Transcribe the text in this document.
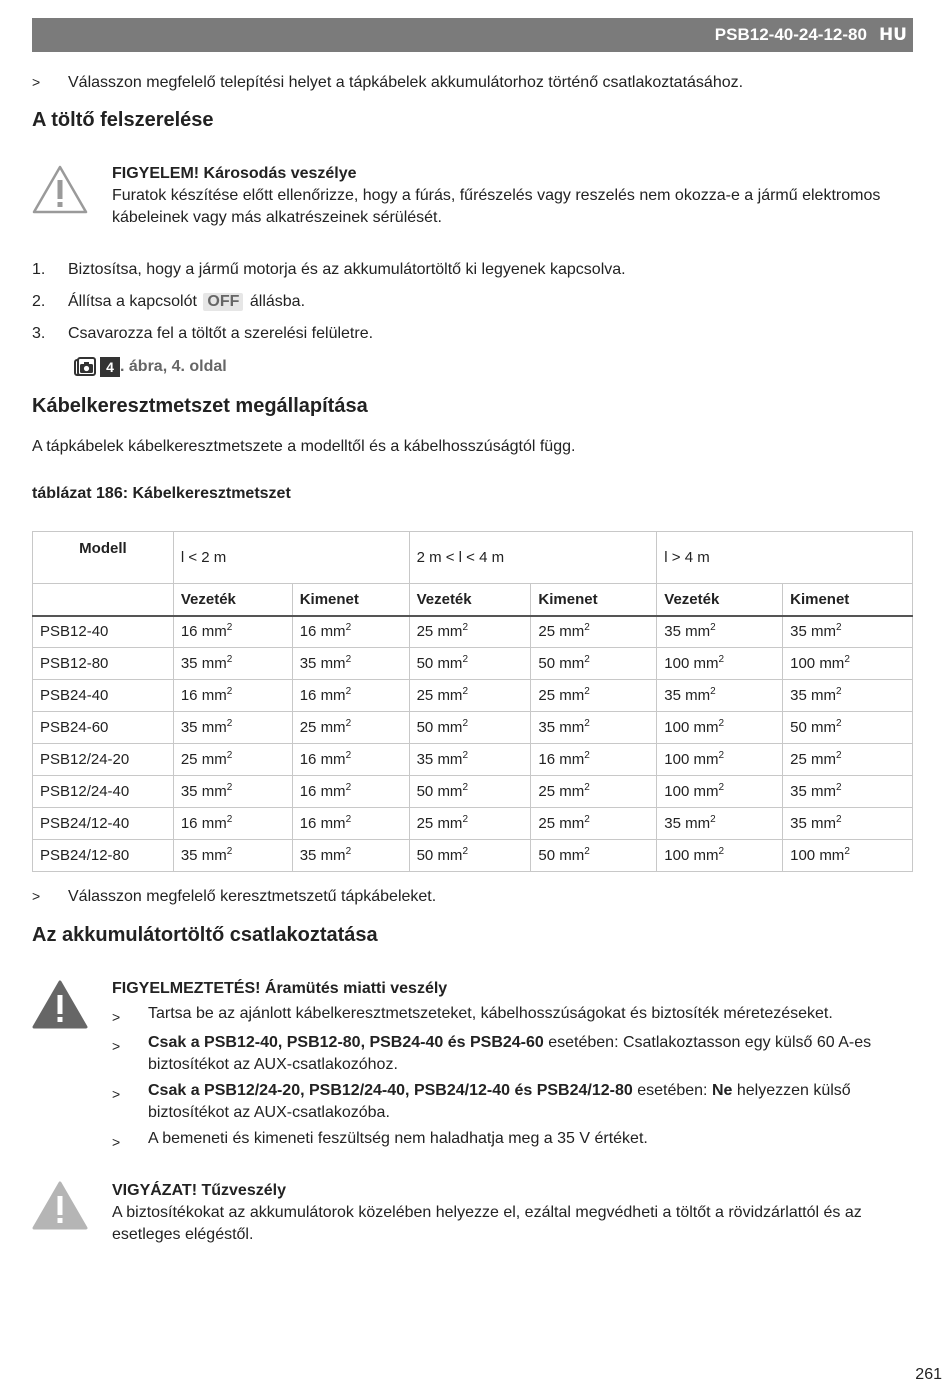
PSB12-40-24-12-80 HU
>	Válasszon megfelelő telepítési helyet a tápkábelek akkumulátorhoz történő csatlakoztatásához.
A töltő felszerelése
FIGYELEM! Károsodás veszélye
Furatok készítése előtt ellenőrizze, hogy a fúrás, fűrészelés vagy reszelés nem okozza-e a jármű elektromos kábeleinek vagy más alkatrészeinek sérülését.
1.	Biztosítsa, hogy a jármű motorja és az akkumulátortöltő ki legyenek kapcsolva.
2.	Állítsa a kapcsolót
OFF
állásba.
3.	Csavarozza fel a töltőt a szerelési felületre.
4 . ábra, 4. oldal
Kábelkeresztmetszet megállapítása
A tápkábelek kábelkeresztmetszete a modelltől és a kábelhosszúságtól függ.
táblázat 186: Kábelkeresztmetszet
Modell	l < 2 m		2 m < l < 4 m		l > 4 m	
	Vezeték	Kimenet	Vezeték	Kimenet	Vezeték	Kimenet
PSB12-40	16 $mm^2$	16 $mm^2$	25 $mm^2$	25 $mm^2$	35 $mm^2$	35 $mm^2$
PSB12-80	35 $mm^2$	35 $mm^2$	50 $mm^2$	50 $mm^2$	100 $mm^2$	100 $mm^2$
PSB24-40	16 $mm^2$	16 $mm^2$	25 $mm^2$	25 $mm^2$	35 $mm^2$	35 $mm^2$
PSB24-60	35 $mm^2$	25 $mm^2$	50 $mm^2$	35 $mm^2$	100 $mm^2$	50 $mm^2$
PSB12/24-20	25 $mm^2$	16 $mm^2$	35 $mm^2$	16 $mm^2$	100 $mm^2$	25 $mm^2$
PSB12/24-40	35 $mm^2$	16 $mm^2$	50 $mm^2$	25 $mm^2$	100 $mm^2$	35 $mm^2$
PSB24/12-40	16 $mm^2$	16 $mm^2$	25 $mm^2$	25 $mm^2$	35 $mm^2$	35 $mm^2$
PSB24/12-80	35 $mm^2$	35 $mm^2$	50 $mm^2$	50 $mm^2$	100 $mm^2$	100 $mm^2$
>	Válasszon megfelelő keresztmetszetű tápkábeleket.
Az akkumulátortöltő csatlakoztatása
FIGYELMEZTETÉS! Áramütés miatti veszély
>	Tartsa be az ajánlott kábelkeresztmetszeteket, kábelhosszúságokat és biztosíték méretezéseket.
>	Csak a PSB12-40, PSB12-80, PSB24-40 és PSB24-60 esetében: Csatlakoztasson egy külső 60 A-es biztosítékot az AUX-csatlakozóhoz.
>	Csak a PSB12/24-20, PSB12/24-40, PSB24/12-40 és PSB24/12-80 esetében: Ne helyezzen külső biztosítékot az AUX-csatlakozóba.
>	A bemeneti és kimeneti feszültség nem haladhatja meg a 35 V értéket.
VIGYÁZAT! Tűzveszély
A biztosítékokat az akkumulátorok közelében helyezze el, ezáltal megvédheti a töltőt a rövidzárlattól és az esetleges elégéstől.
261
